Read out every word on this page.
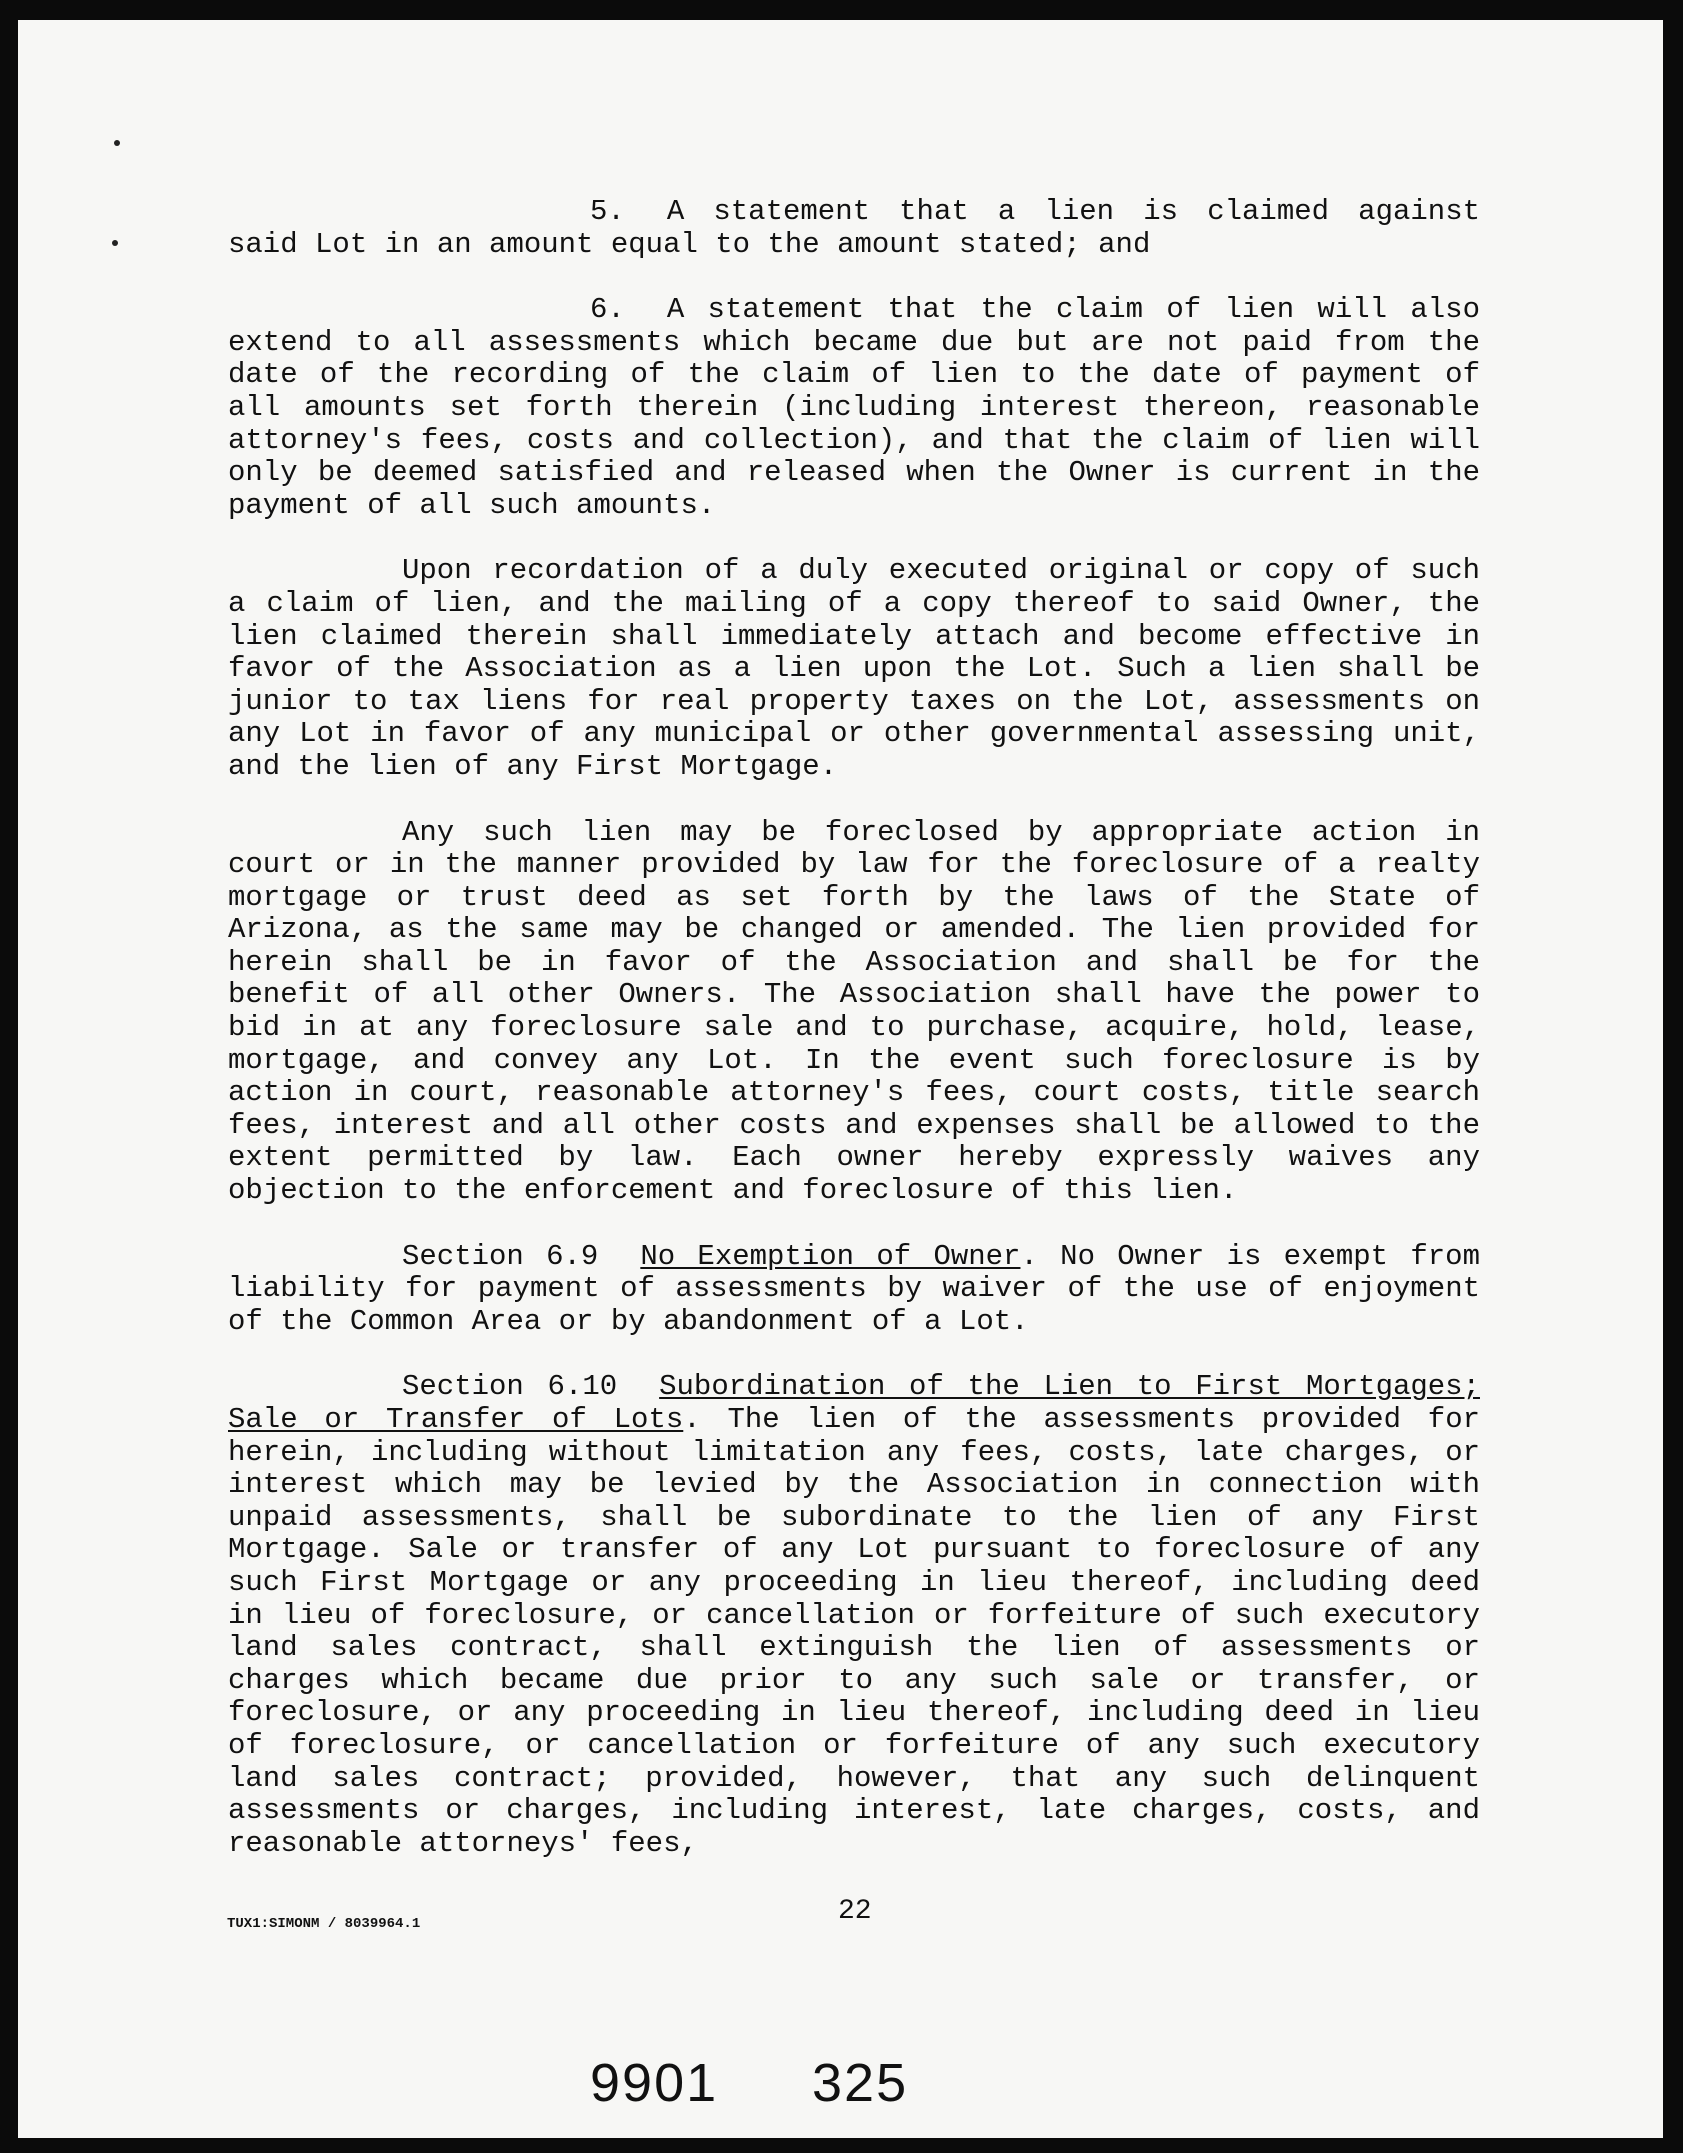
5. A statement that a lien is claimed against said Lot in an amount equal to the amount stated; and

6. A statement that the claim of lien will also extend to all assessments which became due but are not paid from the date of the recording of the claim of lien to the date of payment of all amounts set forth therein (including interest thereon, reasonable attorney's fees, costs and collection), and that the claim of lien will only be deemed satisfied and released when the Owner is current in the payment of all such amounts.

Upon recordation of a duly executed original or copy of such a claim of lien, and the mailing of a copy thereof to said Owner, the lien claimed therein shall immediately attach and become effective in favor of the Association as a lien upon the Lot. Such a lien shall be junior to tax liens for real property taxes on the Lot, assessments on any Lot in favor of any municipal or other governmental assessing unit, and the lien of any First Mortgage.

Any such lien may be foreclosed by appropriate action in court or in the manner provided by law for the foreclosure of a realty mortgage or trust deed as set forth by the laws of the State of Arizona, as the same may be changed or amended. The lien provided for herein shall be in favor of the Association and shall be for the benefit of all other Owners. The Association shall have the power to bid in at any foreclosure sale and to purchase, acquire, hold, lease, mortgage, and convey any Lot. In the event such foreclosure is by action in court, reasonable attorney's fees, court costs, title search fees, interest and all other costs and expenses shall be allowed to the extent permitted by law. Each owner hereby expressly waives any objection to the enforcement and foreclosure of this lien.

Section 6.9 No Exemption of Owner. No Owner is exempt from liability for payment of assessments by waiver of the use of enjoyment of the Common Area or by abandonment of a Lot.

Section 6.10 Subordination of the Lien to First Mortgages; Sale or Transfer of Lots. The lien of the assessments provided for herein, including without limitation any fees, costs, late charges, or interest which may be levied by the Association in connection with unpaid assessments, shall be subordinate to the lien of any First Mortgage. Sale or transfer of any Lot pursuant to foreclosure of any such First Mortgage or any proceeding in lieu thereof, including deed in lieu of foreclosure, or cancellation or forfeiture of such executory land sales contract, shall extinguish the lien of assessments or charges which became due prior to any such sale or transfer, or foreclosure, or any proceeding in lieu thereof, including deed in lieu of foreclosure, or cancellation or forfeiture of any such executory land sales contract; provided, however, that any such delinquent assessments or charges, including interest, late charges, costs, and reasonable attorneys' fees,

TUX1:SIMONM / 8039964.1	22
9901 325
